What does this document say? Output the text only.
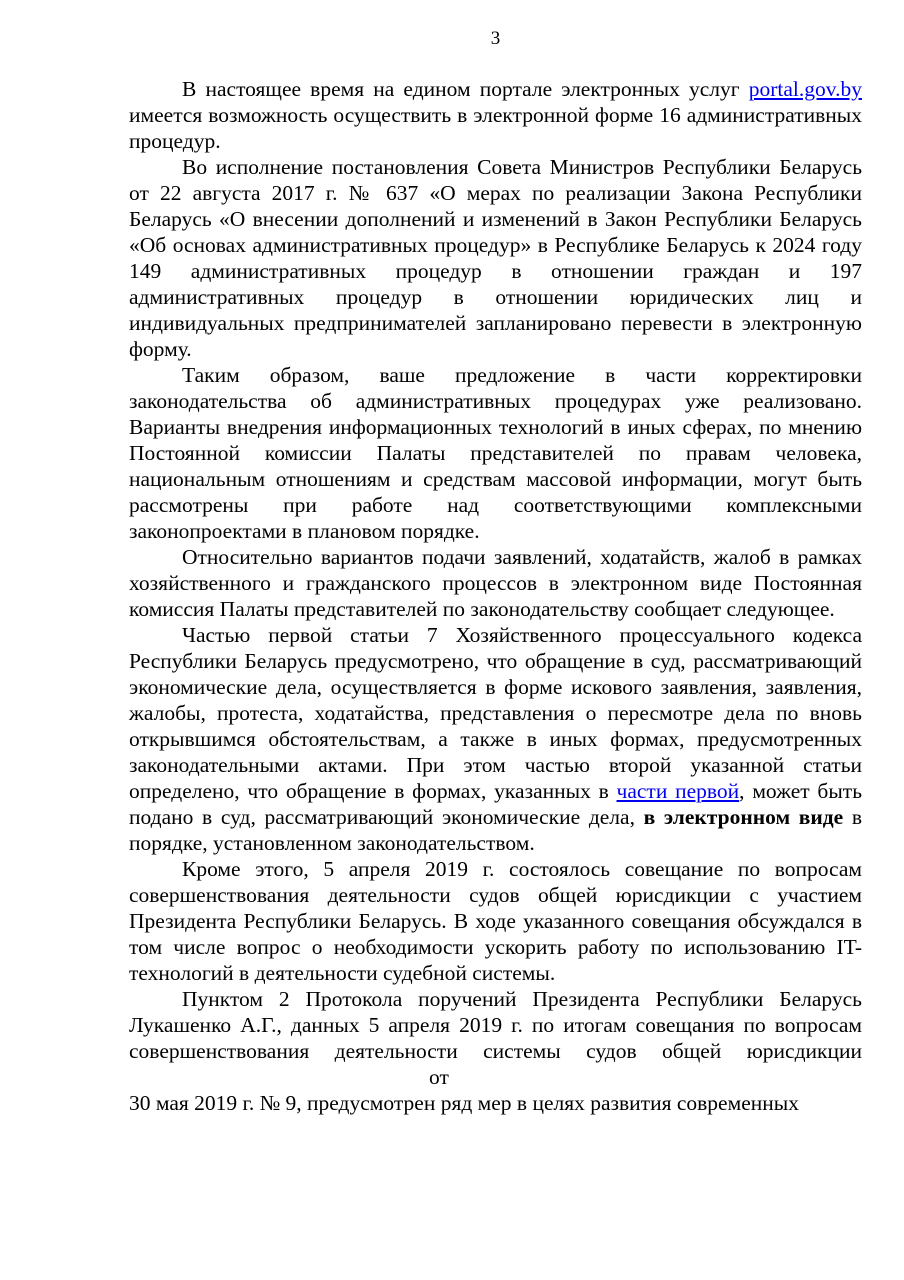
3

В настоящее время на едином портале электронных услуг portal.gov.by имеется возможность осуществить в электронной форме 16 административных процедур.

Во исполнение постановления Совета Министров Республики Беларусь от 22 августа 2017 г. № 637 «О мерах по реализации Закона Республики Беларусь «О внесении дополнений и изменений в Закон Республики Беларусь «Об основах административных процедур» в Республике Беларусь к 2024 году 149 административных процедур в отношении граждан и 197 административных процедур в отношении юридических лиц и индивидуальных предпринимателей запланировано перевести в электронную форму.

Таким образом, ваше предложение в части корректировки законодательства об административных процедурах уже реализовано. Варианты внедрения информационных технологий в иных сферах, по мнению Постоянной комиссии Палаты представителей по правам человека, национальным отношениям и средствам массовой информации, могут быть рассмотрены при работе над соответствующими комплексными законопроектами в плановом порядке.

Относительно вариантов подачи заявлений, ходатайств, жалоб в рамках хозяйственного и гражданского процессов в электронном виде Постоянная комиссия Палаты представителей по законодательству сообщает следующее.

Частью первой статьи 7 Хозяйственного процессуального кодекса Республики Беларусь предусмотрено, что обращение в суд, рассматривающий экономические дела, осуществляется в форме искового заявления, заявления, жалобы, протеста, ходатайства, представления о пересмотре дела по вновь открывшимся обстоятельствам, а также в иных формах, предусмотренных законодательными актами. При этом частью второй указанной статьи определено, что обращение в формах, указанных в части первой, может быть подано в суд, рассматривающий экономические дела, в электронном виде в порядке, установленном законодательством.

Кроме этого, 5 апреля 2019 г. состоялось совещание по вопросам совершенствования деятельности судов общей юрисдикции с участием Президента Республики Беларусь. В ходе указанного совещания обсуждался в том числе вопрос о необходимости ускорить работу по использованию IT-технологий в деятельности судебной системы.

Пунктом 2 Протокола поручений Президента Республики Беларусь Лукашенко А.Г., данных 5 апреля 2019 г. по итогам совещания по вопросам совершенствования деятельности системы судов общей юрисдикцииот
30 мая 2019 г. № 9, предусмотрен ряд мер в целях развития современных
